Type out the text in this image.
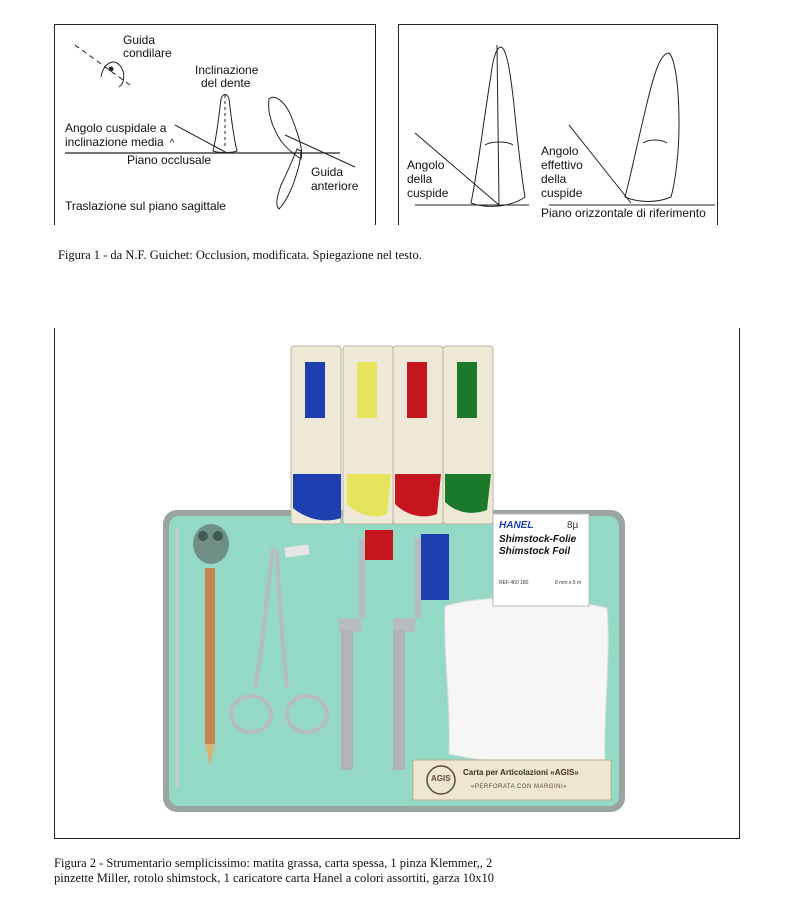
Guida
condilare
Inclinazione
del dente
Angolo cuspidale a
inclinazione media ^
Piano occlusale
Guida
anteriore
Traslazione sul piano sagittale
Angolo
della
cuspide
Angolo
effettivo
della
cuspide
Piano orizzontale di riferimento
Figura 1 - da N.F. Guichet: Occlusion, modificata. Spiegazione nel testo.
HANEL	8µ
Shimstock-Folie
Shimstock Foil
REF 460 180	8 mm x 5 m
AGIS
Carta per Articolazioni «AGIS»
«PERFORATA CON MARGINI»
Figura 2 - Strumentario semplicissimo: matita grassa, carta spessa, 1 pinza Klemmer,, 2
pinzette Miller, rotolo shimstock, 1 caricatore carta Hanel a colori assortiti, garza 10x10
